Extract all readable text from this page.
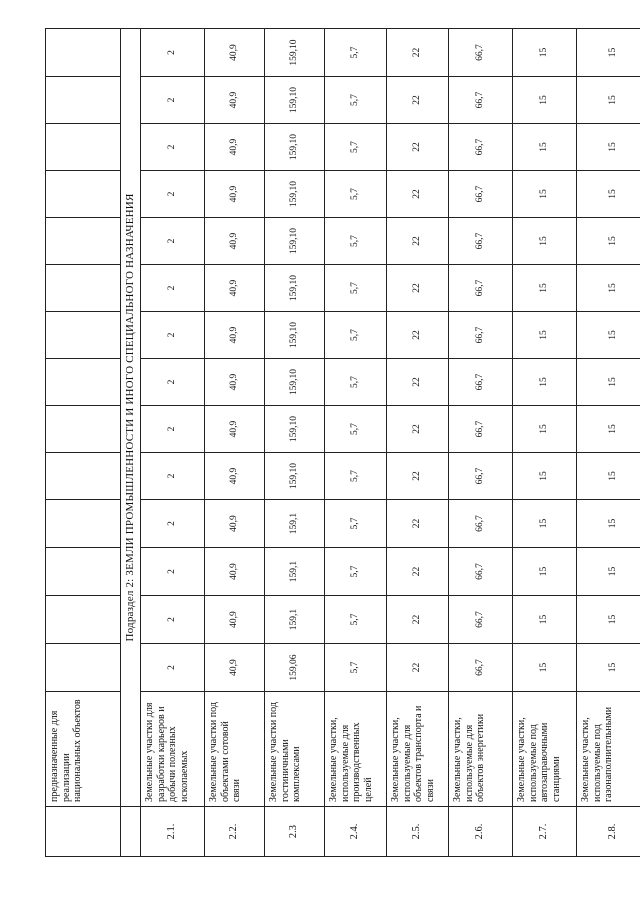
	предназначенные для реализации национальных объектов														
	Подраздел 2: ЗЕМЛИ ПРОМЫШЛЕННОСТИ И ИНОГО СПЕЦИАЛЬНОГО НАЗНАЧЕНИЯ														
2.1.	Земельные участки для разработки карьеров и добычи полезных ископаемых	2	2	2	2	2	2	2	2	2	2	2	2	2	2
2.2.	Земельные участки под объектами сотовой связи	40,9	40,9	40,9	40,9	40,9	40,9	40,9	40,9	40,9	40,9	40,9	40,9	40,9	40,9
2.3	Земельные участки под гостиничными комплексами	159,06	159,1	159,1	159,1	159,10	159,10	159,10	159,10	159,10	159,10	159,10	159,10	159,10	159,10
2.4.	Земельные участки, используемые для производственных целей	5,7	5,7	5,7	5,7	5,7	5,7	5,7	5,7	5,7	5,7	5,7	5,7	5,7	5,7
2.5.	Земельные участки, используемые для объектов транспорта и связи	22	22	22	22	22	22	22	22	22	22	22	22	22	22
2.6.	Земельные участки, используемые для объектов энергетики	66,7	66,7	66,7	66,7	66,7	66,7	66,7	66,7	66,7	66,7	66,7	66,7	66,7	66,7
2.7.	Земельные участки, используемые под автозаправочными станциями	15	15	15	15	15	15	15	15	15	15	15	15	15	15
2.8.	Земельные участки, используемые под газонаполнительными	15	15	15	15	15	15	15	15	15	15	15	15	15	15
